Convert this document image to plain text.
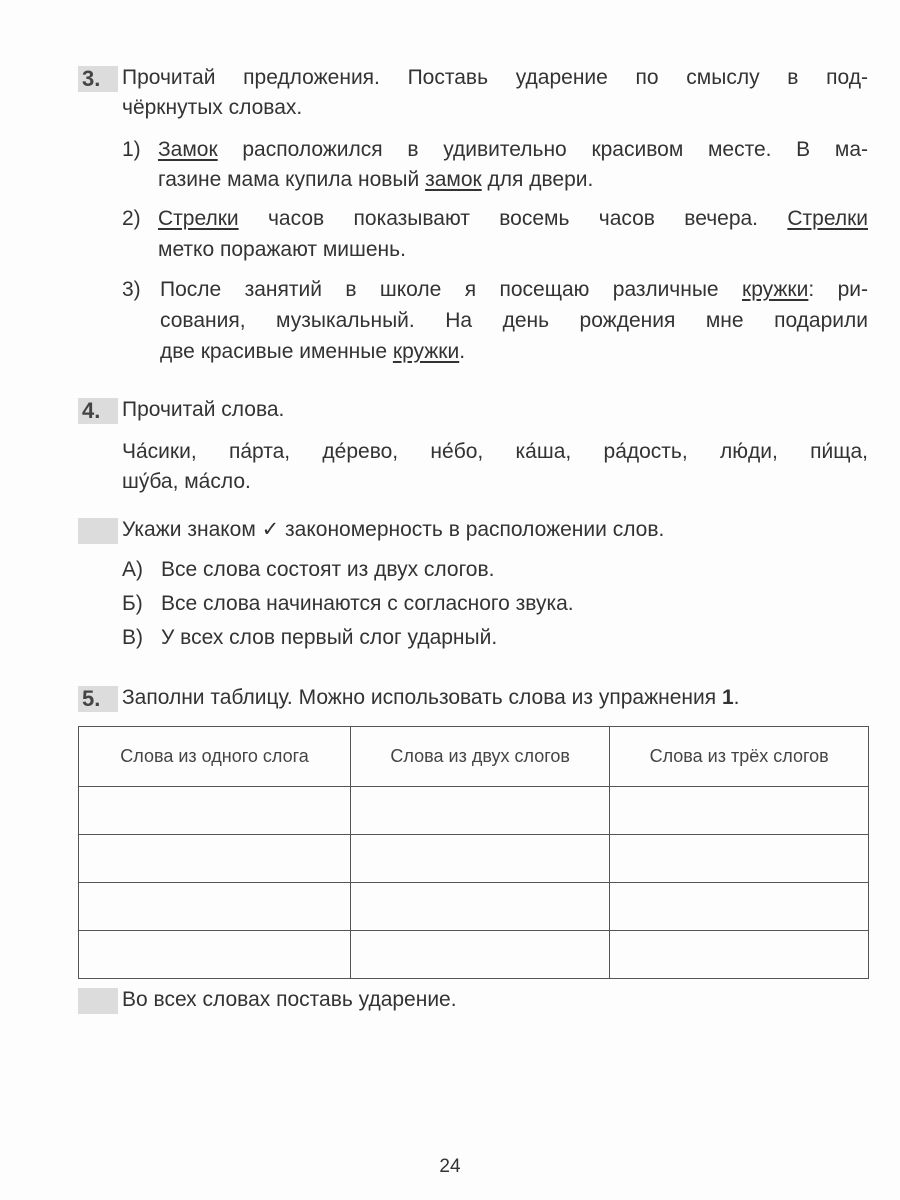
3.	Прочитай предложения. Поставь ударение по смыслу в под-
чёркнутых словах.
1) Замок расположился в удивительно красивом месте. В ма-
газине мама купила новый замок для двери.
2) Стрелки часов показывают восемь часов вечера. Стрелки
метко поражают мишень.
3) После занятий в школе я посещаю различные кружки: ри-
сования, музыкальный. На день рождения мне подарили
две красивые именные кружки.
4.	Прочитай слова.
Ча́сики, па́рта, де́рево, не́бо, ка́ша, ра́дость, лю́ди, пи́ща,
шу́ба, ма́сло.
Укажи знаком ✓ закономерность в расположении слов.
А) Все слова состоят из двух слогов.
Б) Все слова начинаются с согласного звука.
В) У всех слов первый слог ударный.
5.	Заполни таблицу. Можно использовать слова из упражнения 1.
Слова из одного слога	Слова из двух слогов	Слова из трёх слогов

Во всех словах поставь ударение.
24
